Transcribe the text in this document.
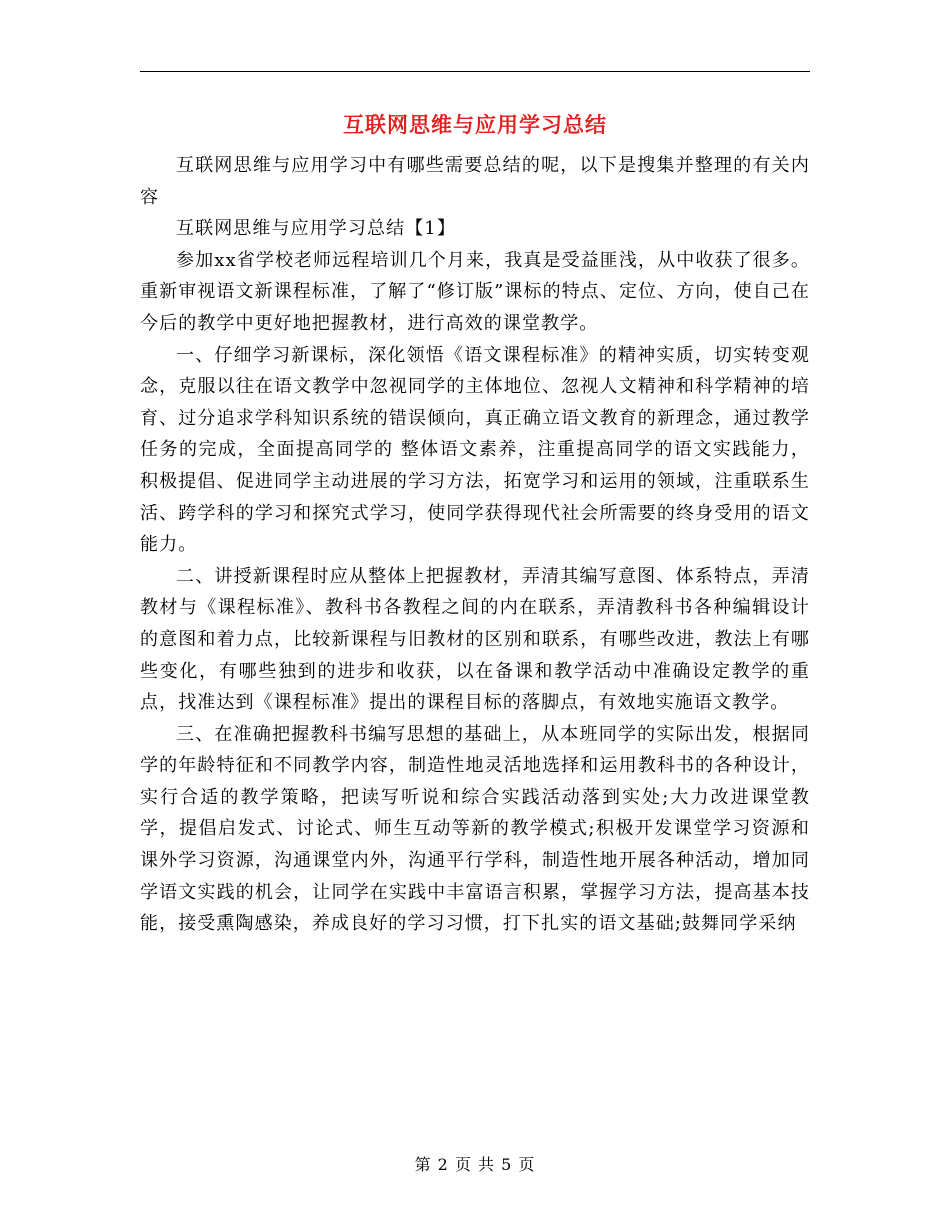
互联网思维与应用学习总结

互联网思维与应用学习中有哪些需要总结的呢，以下是搜集并整理的有关内容

互联网思维与应用学习总结【1】

参加xx省学校老师远程培训几个月来，我真是受益匪浅，从中收获了很多。重新审视语文新课程标准，了解了“修订版”课标的特点、定位、方向，使自己在今后的教学中更好地把握教材，进行高效的课堂教学。

一、仔细学习新课标，深化领悟《语文课程标准》的精神实质，切实转变观念，克服以往在语文教学中忽视同学的主体地位、忽视人文精神和科学精神的培育、过分追求学科知识系统的错误倾向，真正确立语文教育的新理念，通过教学任务的完成，全面提高同学的 整体语文素养，注重提高同学的语文实践能力，积极提倡、促进同学主动进展的学习方法，拓宽学习和运用的领域，注重联系生活、跨学科的学习和探究式学习，使同学获得现代社会所需要的终身受用的语文能力。

二、讲授新课程时应从整体上把握教材，弄清其编写意图、体系特点，弄清教材与《课程标准》、教科书各教程之间的内在联系，弄清教科书各种编辑设计的意图和着力点，比较新课程与旧教材的区别和联系，有哪些改进，教法上有哪些变化，有哪些独到的进步和收获，以在备课和教学活动中准确设定教学的重点，找准达到《课程标准》提出的课程目标的落脚点，有效地实施语文教学。

三、在准确把握教科书编写思想的基础上，从本班同学的实际出发，根据同学的年龄特征和不同教学内容，制造性地灵活地选择和运用教科书的各种设计，实行合适的教学策略，把读写听说和综合实践活动落到实处;大力改进课堂教学，提倡启发式、讨论式、师生互动等新的教学模式;积极开发课堂学习资源和课外学习资源，沟通课堂内外，沟通平行学科，制造性地开展各种活动，增加同学语文实践的机会，让同学在实践中丰富语言积累，掌握学习方法，提高基本技能，接受熏陶感染，养成良好的学习习惯，打下扎实的语文基础;鼓舞同学采纳

第 2 页 共 5 页
